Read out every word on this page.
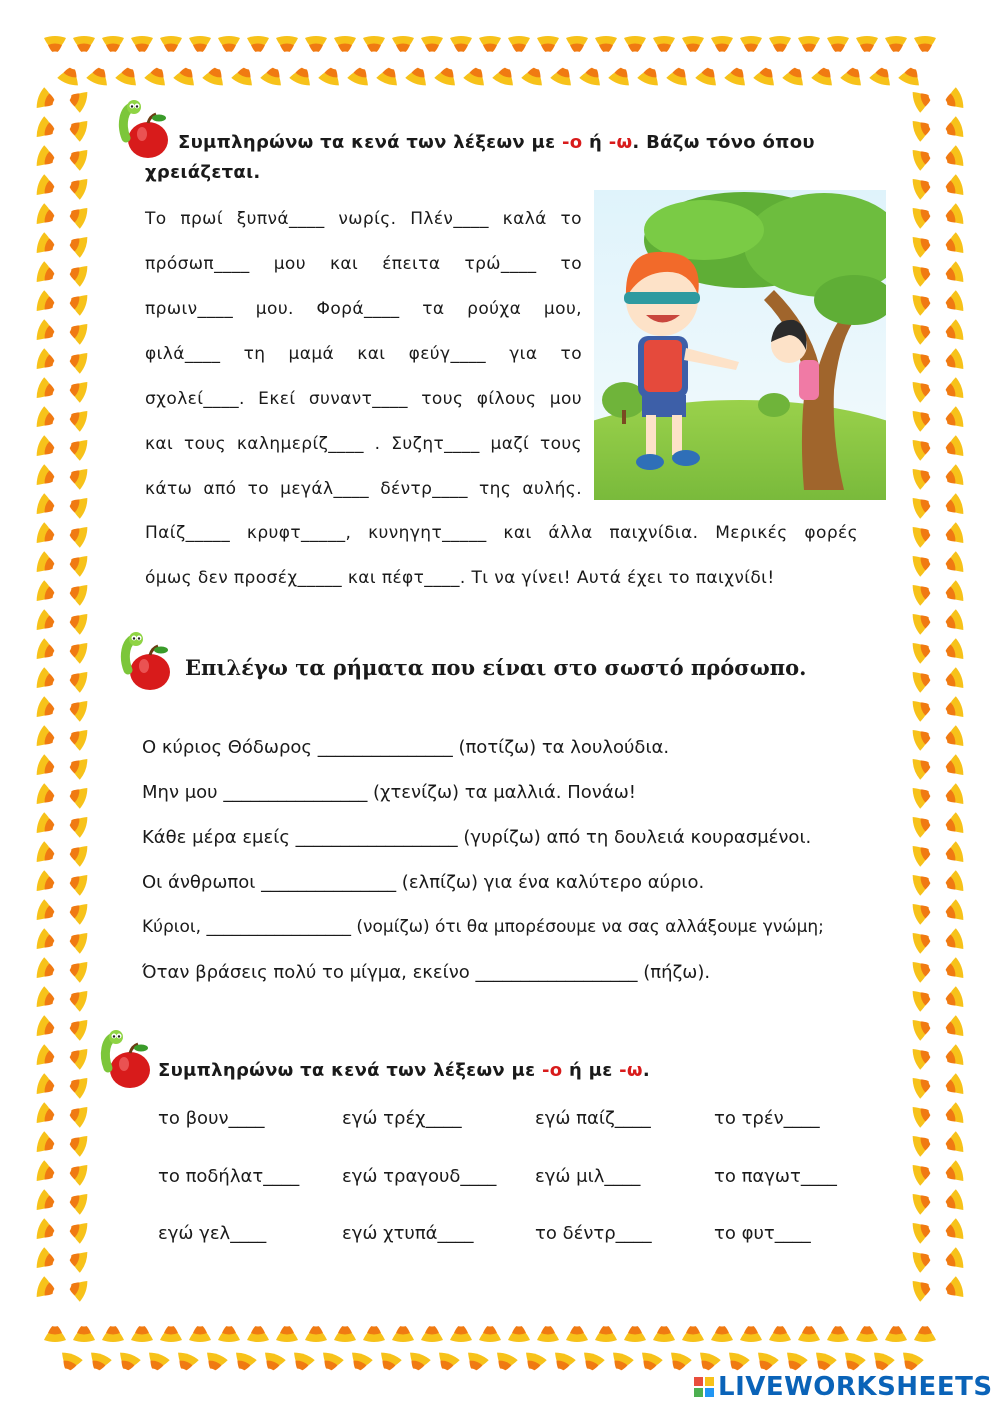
Συμπληρώνω τα κενά των λέξεων με -ο ή -ω. Βάζω τόνο όπου
χρειάζεται.
Το πρωί ξυπνά____ νωρίς. Πλέν____ καλά το
πρόσωπ____ μου και έπειτα τρώ____ το
πρωιν____ μου. Φορά____ τα ρούχα μου,
φιλά____ τη μαμά και φεύγ____ για το
σχολεί____. Εκεί συναντ____ τους φίλους μου
και τους καλημερίζ____ . Συζητ____ μαζί τους
κάτω από το μεγάλ____ δέντρ____ της αυλής.
Παίζ_____ κρυφτ_____, κυνηγητ_____ και άλλα παιχνίδια. Μερικές φορές
όμως δεν προσέχ_____ και πέφτ____. Τι να γίνει! Αυτά έχει το παιχνίδι!
Επιλέγω τα ρήματα που είναι στο σωστό πρόσωπο.
Ο κύριος Θόδωρος _______________ (ποτίζω) τα λουλούδια.
Μην μου ________________ (χτενίζω) τα μαλλιά. Πονάω!
Κάθε μέρα εμείς __________________ (γυρίζω) από τη δουλειά κουρασμένοι.
Οι άνθρωποι _______________ (ελπίζω) για ένα καλύτερο αύριο.
Κύριοι, _________________ (νομίζω) ότι θα μπορέσουμε να σας αλλάξουμε γνώμη;
Όταν βράσεις πολύ το μίγμα, εκείνο __________________ (πήζω).
Συμπληρώνω τα κενά των λέξεων με -ο ή με -ω.
το βουν____	εγώ τρέχ____	εγώ παίζ____	το τρέν____
το ποδήλατ____ εγώ τραγουδ____ εγώ μιλ____	το παγωτ____
εγώ γελ____	εγώ χτυπά____	το δέντρ____	το φυτ____
LIVEWORKSHEETS
